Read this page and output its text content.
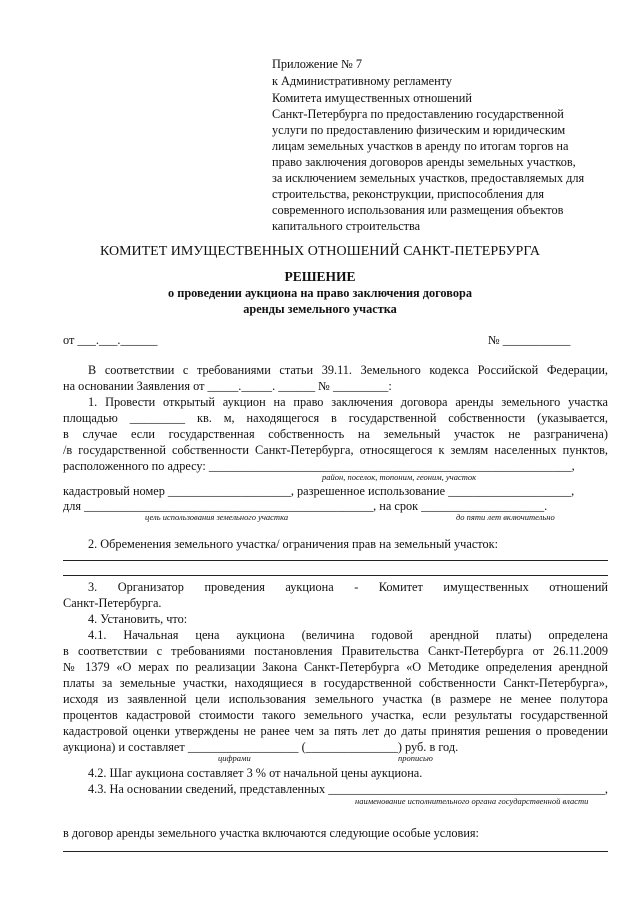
Приложение № 7
к Административному регламенту
Комитета имущественных отношений
Санкт-Петербурга по предоставлению государственной
услуги по предоставлению физическим и юридическим
лицам земельных участков в аренду по итогам торгов на
право заключения договоров аренды земельных участков,
за исключением земельных участков, предоставляемых для
строительства, реконструкции, приспособления для
современного использования или размещения объектов
капитального строительства
КОМИТЕТ ИМУЩЕСТВЕННЫХ ОТНОШЕНИЙ САНКТ-ПЕТЕРБУРГА
РЕШЕНИЕ
о проведении аукциона на право заключения договора
аренды земельного участка
от ___.___.______	№ ___________
В соответствии с требованиями статьи 39.11. Земельного кодекса Российской Федерации,
на основании Заявления от _____._____. ______ № _________:
1. Провести открытый аукцион на право заключения договора аренды земельного участка
площадью _________ кв. м, находящегося в государственной собственности (указывается,
в случае если государственная собственность на земельный участок не разграничена)
/в государственной собственности Санкт-Петербурга, относящегося к землям населенных пунктов,
расположенного по адресу: ___________________________________________________________,
район, поселок, топоним, геоним, участок
кадастровый номер ____________________, разрешенное использование ____________________,
для _______________________________________________, на срок ____________________.
цель использования земельного участка	до пяти лет включительно
2. Обременения земельного участка/ ограничения прав на земельный участок:
3. Организатор проведения аукциона - Комитет имущественных отношений
Санкт-Петербурга.
4. Установить, что:
4.1. Начальная цена аукциона (величина годовой арендной платы) определена
в соответствии с требованиями постановления Правительства Санкт-Петербурга от 26.11.2009
№ 1379 «О мерах по реализации Закона Санкт-Петербурга «О Методике определения арендной
платы за земельные участки, находящиеся в государственной собственности Санкт-Петербурга»,
исходя из заявленной цели использования земельного участка (в размере не менее полутора
процентов кадастровой стоимости такого земельного участка, если результаты государственной
кадастровой оценки утверждены не ранее чем за пять лет до даты принятия решения о проведении
аукциона) и составляет __________________ (_______________) руб. в год.
цифрами	прописью
4.2. Шаг аукциона составляет 3 % от начальной цены аукциона.
4.3. На основании сведений, представленных _____________________________________________,
наименование исполнительного органа государственной власти
в договор аренды земельного участка включаются следующие особые условия:
